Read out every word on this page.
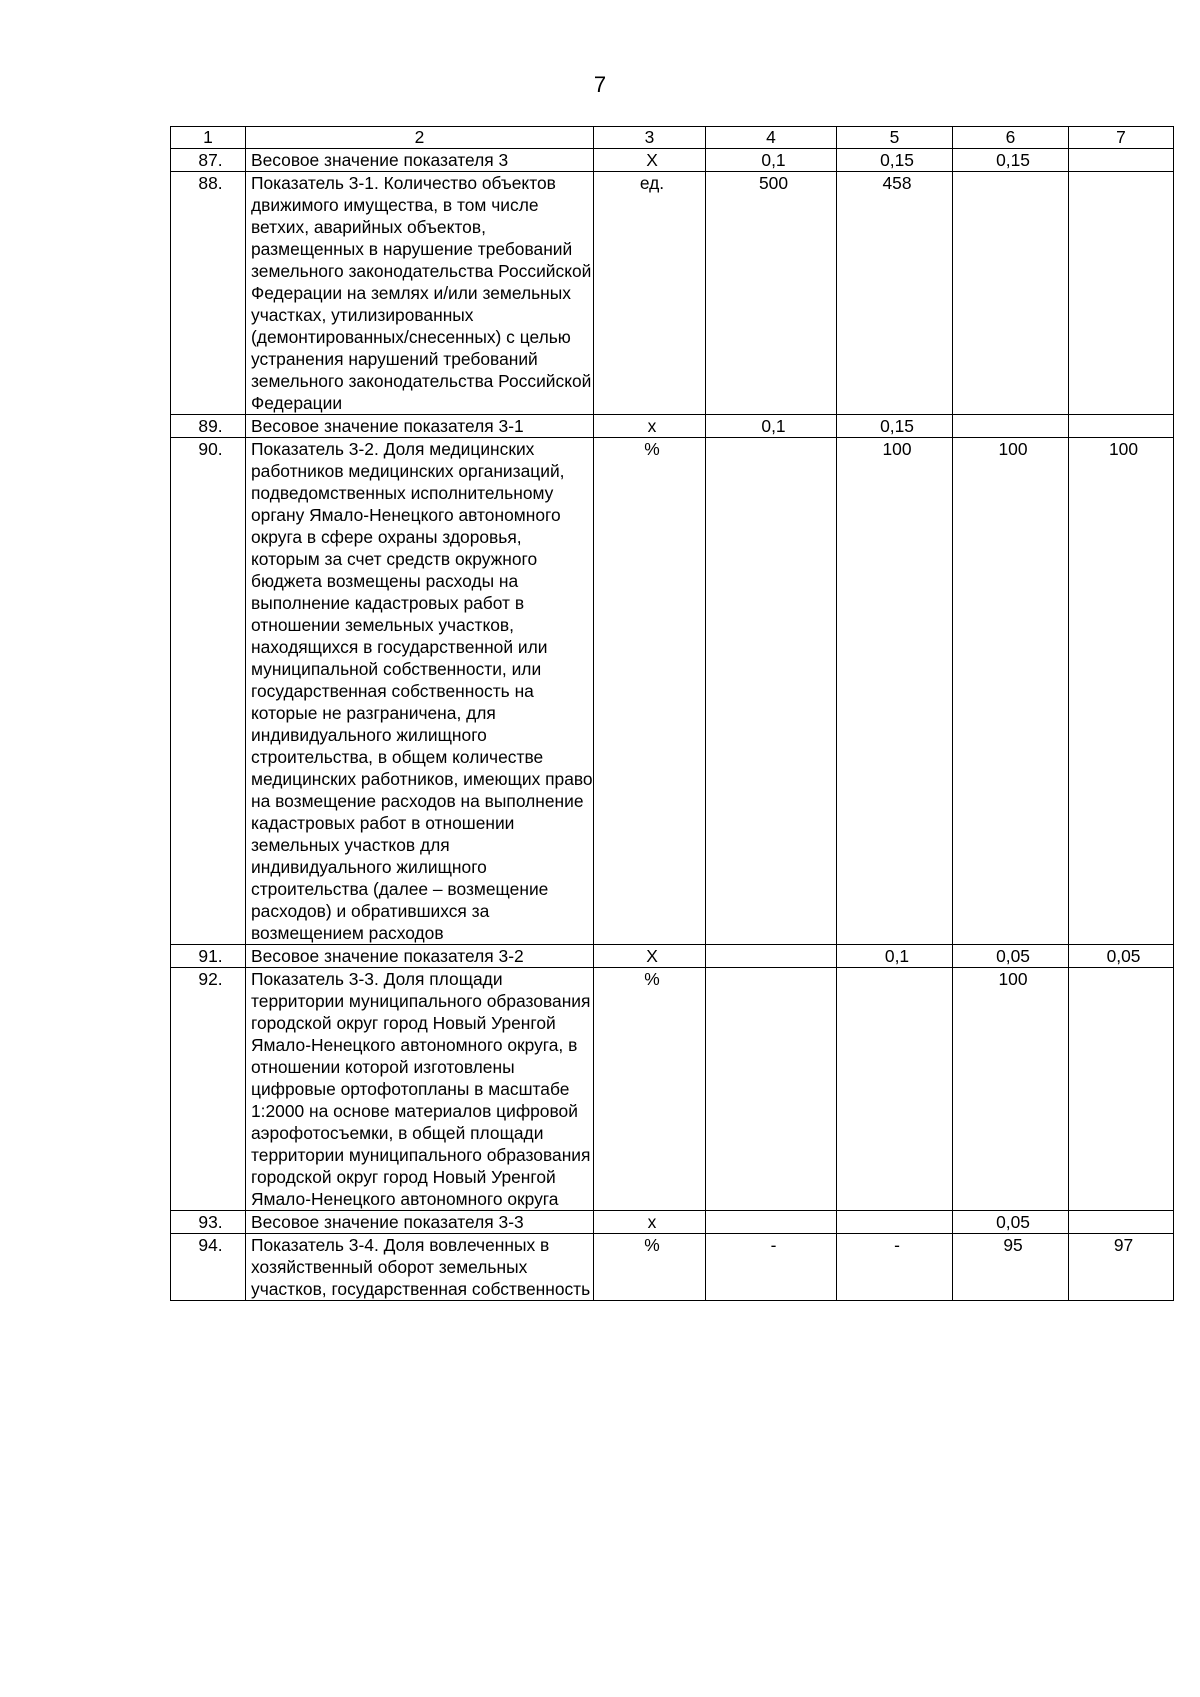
7
1	2	3	4	5	6	7
87.	Весовое значение показателя 3	X	0,1	0,15	0,15	
88.	Показатель 3-1. Количество объектов движимого имущества, в том числе ветхих, аварийных объектов, размещенных в нарушение требований земельного законодательства Российской Федерации на землях и/или земельных участках, утилизированных (демонтированных/снесенных) с целью устранения нарушений требований земельного законодательства Российской Федерации	ед.	500	458		
89.	Весовое значение показателя 3-1	х	0,1	0,15		
90.	Показатель 3-2. Доля медицинских работников медицинских организаций, подведомственных исполнительному органу Ямало-Ненецкого автономного округа в сфере охраны здоровья, которым за счет средств окружного бюджета возмещены расходы на выполнение кадастровых работ в отношении земельных участков, находящихся в государственной или муниципальной собственности, или государственная собственность на которые не разграничена, для индивидуального жилищного строительства, в общем количестве медицинских работников, имеющих право на возмещение расходов на выполнение кадастровых работ в отношении земельных участков для индивидуального жилищного строительства (далее – возмещение расходов) и обратившихся за возмещением расходов	%		100	100	100
91.	Весовое значение показателя 3-2	X		0,1	0,05	0,05
92.	Показатель 3-3. Доля площади территории муниципального образования городской округ город Новый Уренгой Ямало-Ненецкого автономного округа, в отношении которой изготовлены цифровые ортофотопланы в масштабе 1:2000 на основе материалов цифровой аэрофотосъемки, в общей площади территории муниципального образования городской округ город Новый Уренгой Ямало-Ненецкого автономного округа	%			100	
93.	Весовое значение показателя 3-3	х			0,05	
94.	Показатель 3-4. Доля вовлеченных в хозяйственный оборот земельных участков, государственная собственность	%	-	-	95	97
